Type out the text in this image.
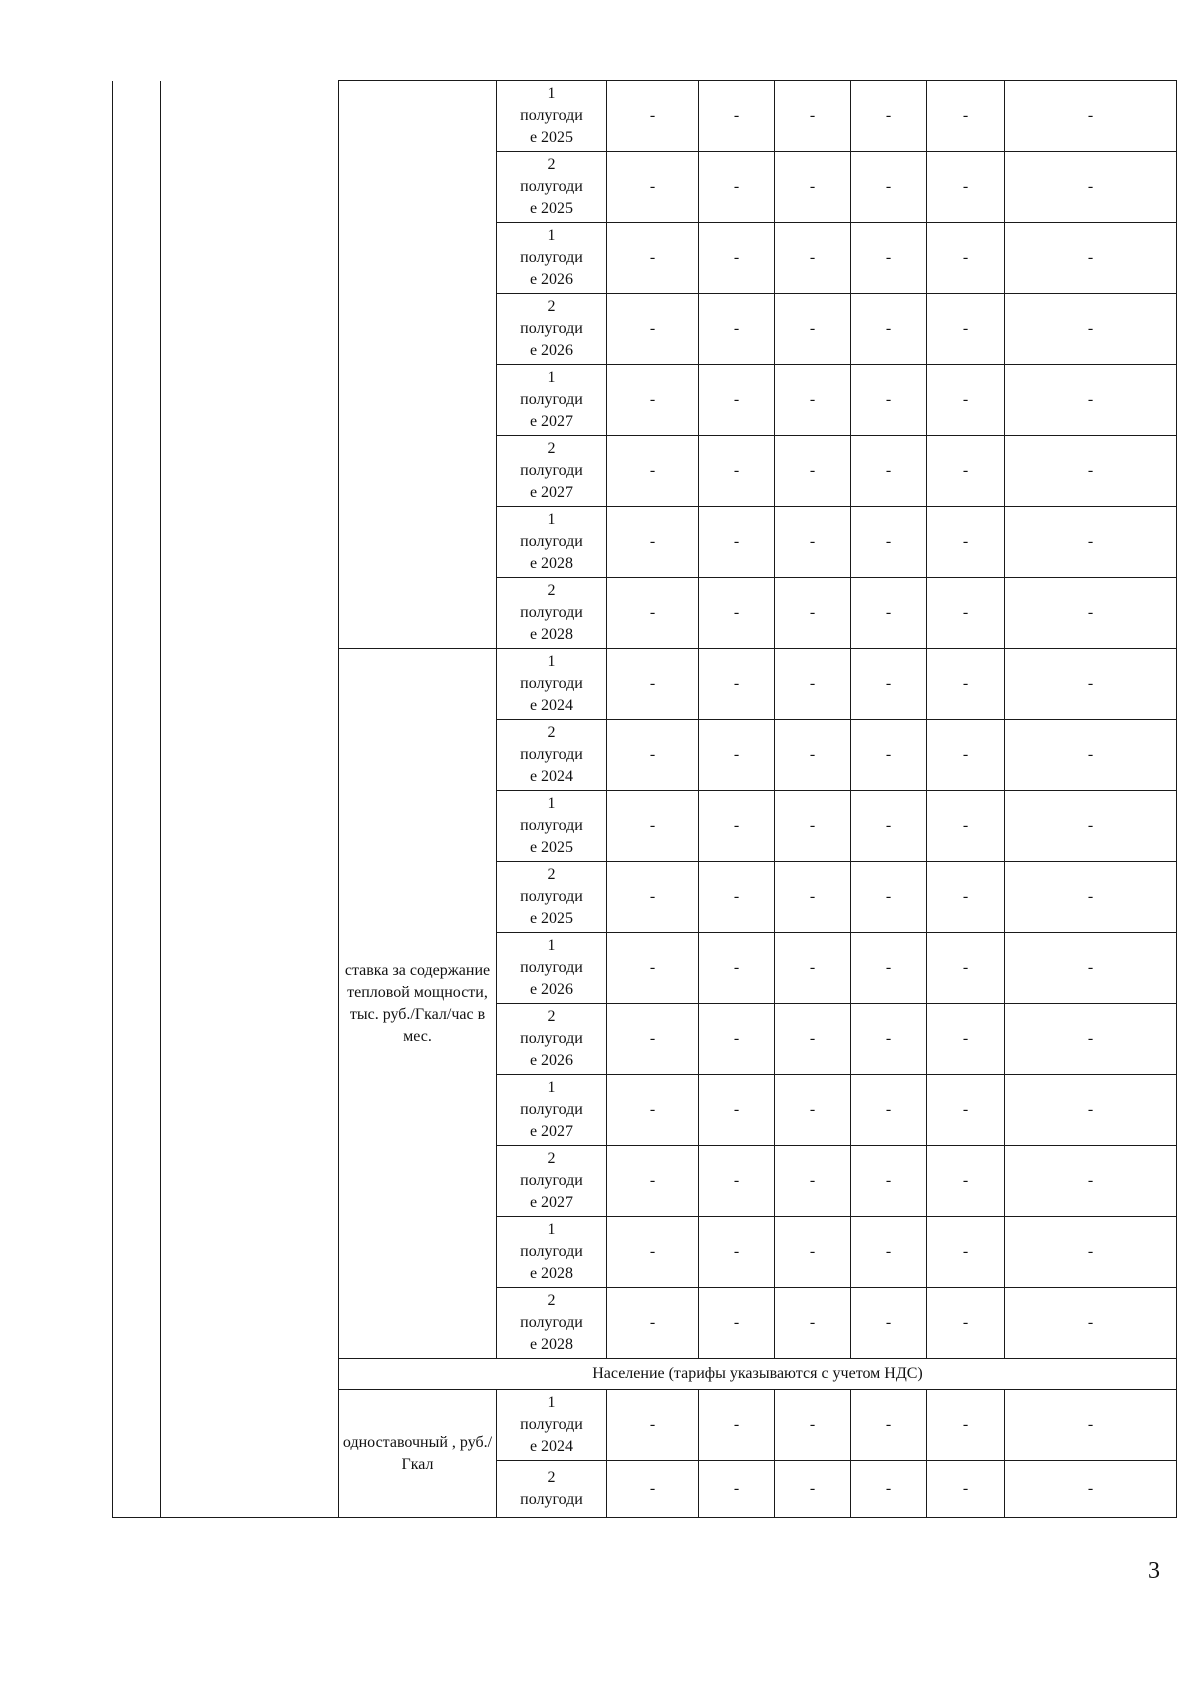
			1
полугоди
е 2025	-	-	-	-	-	-

			2
полугоди
е 2025	-	-	-	-	-	-

			1
полугоди
е 2026	-	-	-	-	-	-

			2
полугоди
е 2026	-	-	-	-	-	-

			1
полугоди
е 2027	-	-	-	-	-	-

			2
полугоди
е 2027	-	-	-	-	-	-

			1
полугоди
е 2028	-	-	-	-	-	-

			2
полугоди
е 2028	-	-	-	-	-	-
		ставка за содержание тепловой мощности, тыс. руб./Гкал/час в мес.	1
полугоди
е 2024	-	-	-	-	-	-

			2
полугоди
е 2024	-	-	-	-	-	-

			1
полугоди
е 2025	-	-	-	-	-	-

			2
полугоди
е 2025	-	-	-	-	-	-

			1
полугоди
е 2026	-	-	-	-	-	-

			2
полугоди
е 2026	-	-	-	-	-	-

			1
полугоди
е 2027	-	-	-	-	-	-

			2
полугоди
е 2027	-	-	-	-	-	-

			1
полугоди
е 2028	-	-	-	-	-	-

			2
полугоди
е 2028	-	-	-	-	-	-
		Население (тарифы указываются с учетом НДС)							
		одноставочный , руб./Гкал	1
полугоди
е 2024	-	-	-	-	-	-

			2
полугоди	-	-	-	-	-	-
3
